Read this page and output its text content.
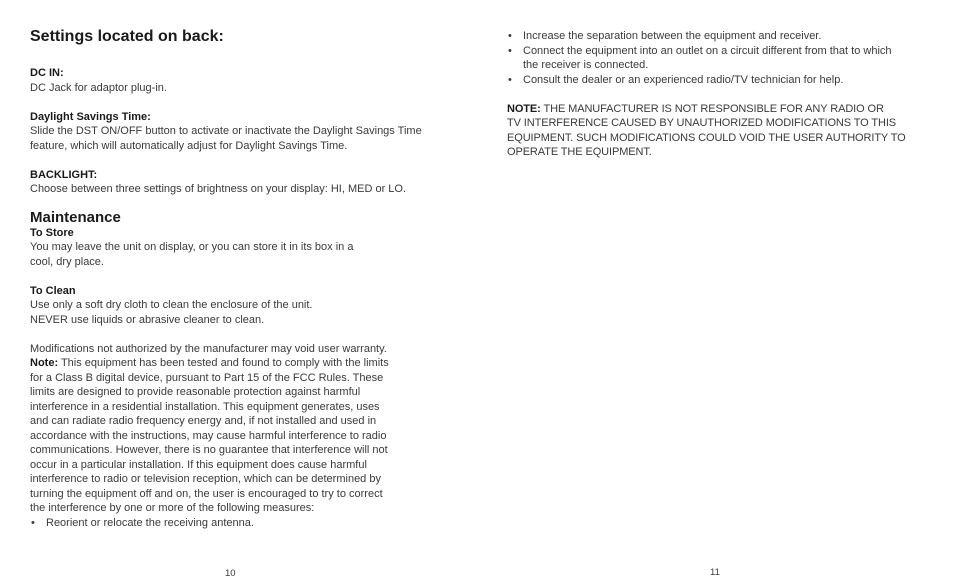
Settings located on back:
DC IN:
DC Jack for adaptor plug-in.
Daylight Savings Time:
Slide the DST ON/OFF button to activate or inactivate the Daylight Savings Time
feature, which will automatically adjust for Daylight Savings Time.
BACKLIGHT:
Choose between three settings of brightness on your display: HI, MED or LO.
Maintenance
To Store
You may leave the unit on display, or you can store it in its box in a
cool, dry place.
To Clean
Use only a soft dry cloth to clean the enclosure of the unit.
NEVER use liquids or abrasive cleaner to clean.
Modifications not authorized by the manufacturer may void user warranty.
Note: This equipment has been tested and found to comply with the limits
for a Class B digital device, pursuant to Part 15 of the FCC Rules. These
limits are designed to provide reasonable protection against harmful
interference in a residential installation. This equipment generates, uses
and can radiate radio frequency energy and, if not installed and used in
accordance with the instructions, may cause harmful interference to radio
communications. However, there is no guarantee that interference will not
occur in a particular installation. If this equipment does cause harmful
interference to radio or television reception, which can be determined by
turning the equipment off and on, the user is encouraged to try to correct
the interference by one or more of the following measures:
• Reorient or relocate the receiving antenna.
10
• Increase the separation between the equipment and receiver.
• Connect the equipment into an outlet on a circuit different from that to which
the receiver is connected.
• Consult the dealer or an experienced radio/TV technician for help.
NOTE: THE MANUFACTURER IS NOT RESPONSIBLE FOR ANY RADIO OR
TV INTERFERENCE CAUSED BY UNAUTHORIZED MODIFICATIONS TO THIS
EQUIPMENT. SUCH MODIFICATIONS COULD VOID THE USER AUTHORITY TO
OPERATE THE EQUIPMENT.
11
